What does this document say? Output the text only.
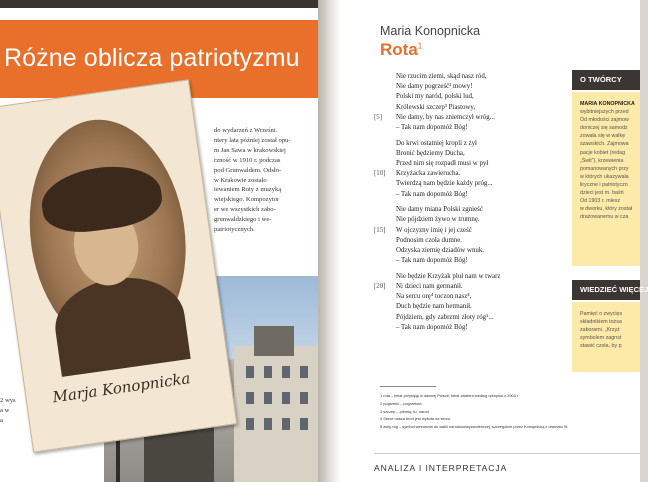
Różne oblicza patriotyzmu
do wydarzeń z Wrześni.
ntery lata później został opu-
m Jan Sawa w krakowskiej
rzność w 1910 r. podczas
pod Grunwaldem. Odsło-
w Krakowie zostało
iewaniem Roty z muzyką
wiejskiego. Kompozytor
er we wszystkich zabo-
grunwaldzkiego i we-
patriotycznych.
2 wys
a w
a
Marja Konopnicka
Maria Konopnicka
Rota$^1$
Nie rzucim ziemi, skąd nasz ród,
Nie damy pogrześć² mowy!
Polski my naród, polski lud,
Królewski szczep³ Piastowy,
[5] Nie damy, by nas zniemczył wróg...
– Tak nam dopomóż Bóg!
Do krwi ostatniej kropli z żył
Bronić będziemy Ducha,
Przed nim się rozpadł musi w pył
[10] Krzyżacka zawierucha.
Twierdzą nam będzie każdy próg...
– Tak nam dopomóż Bóg!
Nie damy miana Polski zgnieść
Nie pójdziem żywo w trumnę.
[15] W ojczyzny imię i jej cześć
Podnosim czoła dumne.
Odzyska ziemię dziadów wnuk.
– Tak nam dopomóż Bóg!
Nie będzie Krzyżak pluł nam w twarz
[20] Ni dzieci nam germanił.
Na sercu orę⁴ toczon nasz⁴,
Duch będzie nam hetmanił.
Pójdziem, gdy zabrzmi złoty róg⁵...
– Tak nam dopomóż Bóg!
1 rota – tekst przysięgi w dawnej Polsce; tekst zawiera według rękopisu z 1904 r.
2 pogrześć – pogrzebać.
3 szczep – plemię; tu: naród.
4 Serce nasza broń jest wykuta na sercu.
5 złoty róg – symbol wezwania do walki narodowowyzwoleńczej, szczególnie przez Konopnicką z dramatu St
ANALIZA I INTERPRETACJA
O TWÓRCY
MARIA KONOPNICKA
wybitniejszych przed
Od młodości zajmow
doniczej się samodz
zowała się w walkę
szawskich. Zajmowa
pacje kobiet (redag
„Świt”), krzewienia
pomanowanych przy
w których ukazywała
liryczne i patriotyczn
dzieci jest m. baśń
Od 1903 r. miesz
w dworku, który został
drażowanemu w cza
WIEDZIEĆ WIĘCEJ
Pamięć o zwycięs
składnikiem tożsa
zaborami. „Krzyż
symbolem zagroż
stawić czoła, by p
